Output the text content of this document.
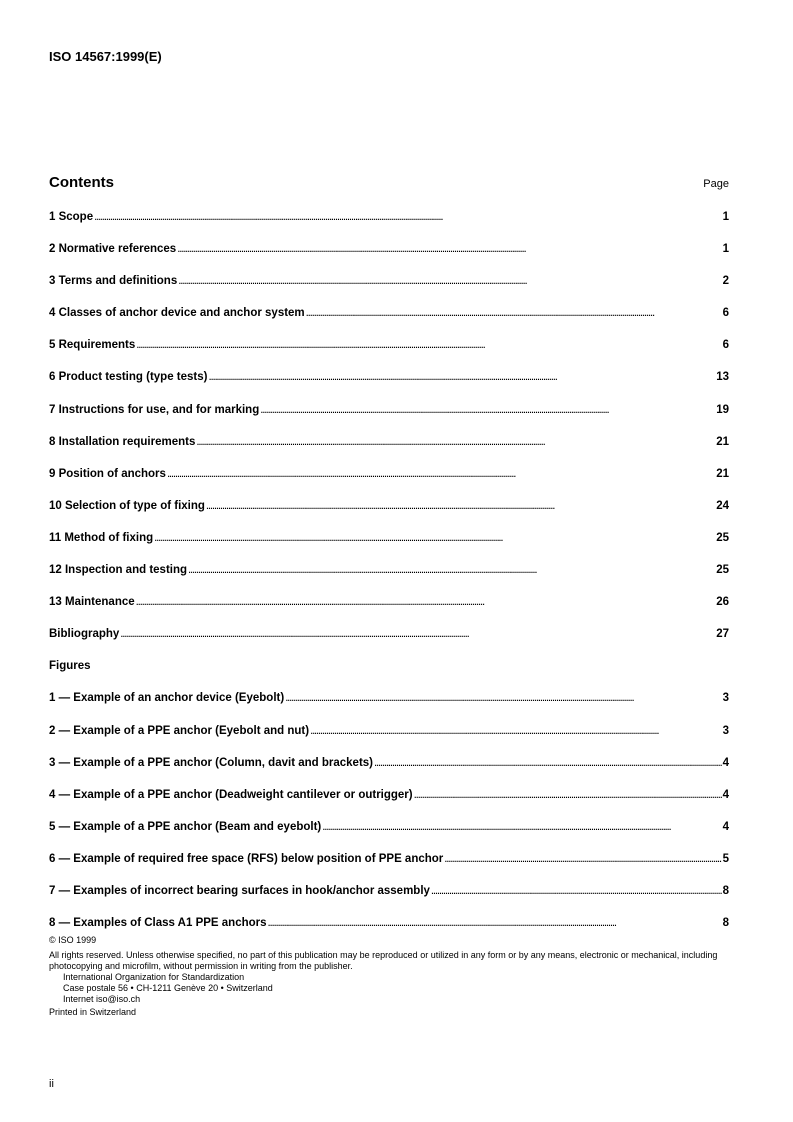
ISO 14567:1999(E)
Contents	Page
1 Scope . . .	1
2 Normative references . . .	1
3 Terms and definitions . . .	2
4 Classes of anchor device and anchor system . . .	6
5 Requirements . . .	6
6 Product testing (type tests) . . .	13
7 Instructions for use, and for marking . . .	19
8 Installation requirements . . .	21
9 Position of anchors . . .	21
10 Selection of type of fixing . . .	24
11 Method of fixing . . .	25
12 Inspection and testing . . .	25
13 Maintenance . . .	26
Bibliography . . .	27
Figures
1 — Example of an anchor device (Eyebolt) . . .	3
2 — Example of a PPE anchor (Eyebolt and nut) . . .	3
3 — Example of a PPE anchor (Column, davit and brackets) . . .	4
4 — Example of a PPE anchor (Deadweight cantilever or outrigger) . . .	4
5 — Example of a PPE anchor (Beam and eyebolt) . . .	4
6 — Example of required free space (RFS) below position of PPE anchor . . .	5
7 — Examples of incorrect bearing surfaces in hook/anchor assembly . . .	8
8 — Examples of Class A1 PPE anchors . . .	8
© ISO 1999
All rights reserved. Unless otherwise specified, no part of this publication may be reproduced or utilized in any form or by any means, electronic or mechanical, including photocopying and microfilm, without permission in writing from the publisher.
International Organization for Standardization
Case postale 56 • CH-1211 Genève 20 • Switzerland
Internet iso@iso.ch
Printed in Switzerland
ii
